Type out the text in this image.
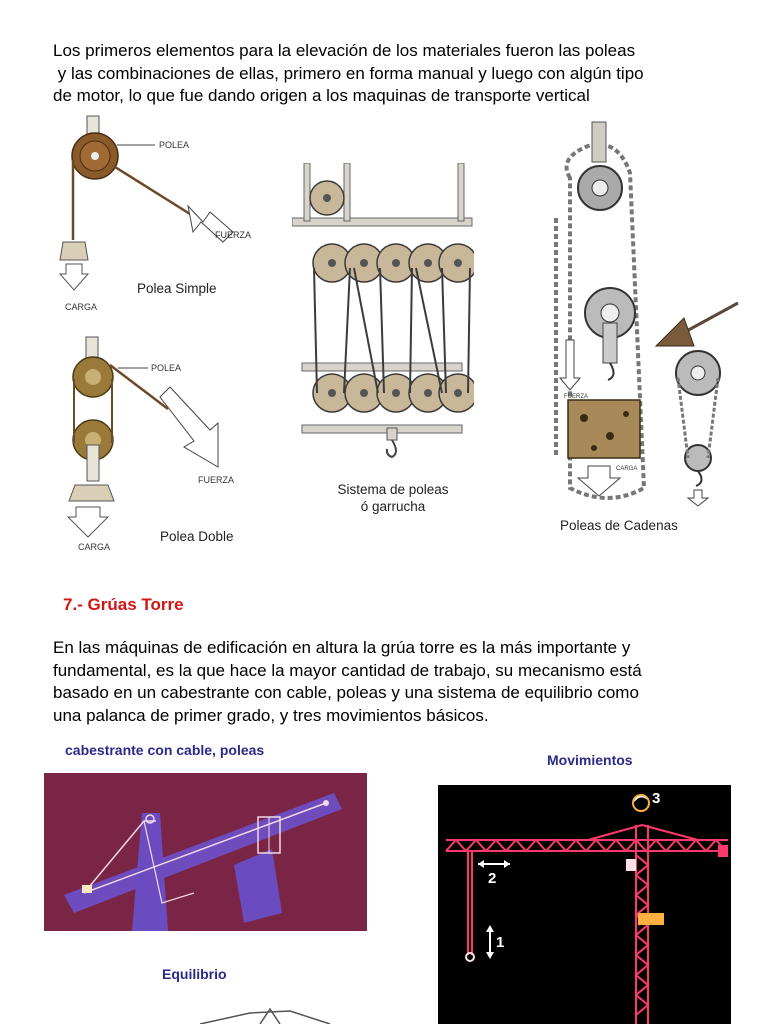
Los primeros elementos para la elevación de los materiales fueron las poleas
y las combinaciones de ellas, primero en forma manual y luego con algún tipo
de motor, lo que fue dando origen a los maquinas de transporte vertical
POLEA
FUERZA
CARGA
Polea Simple
POLEA
FUERZA
CARGA
Polea Doble
Sistema de poleas
ó garrucha
CARGA
FUERZA
Poleas de Cadenas
7.- Grúas Torre
En las máquinas de edificación en altura la grúa torre es la más importante y
fundamental, es la que hace la mayor cantidad de trabajo, su mecanismo está
basado en un cabestrante con cable, poleas y una sistema de equilibrio como
una palanca de primer grado, y tres movimientos básicos.
cabestrante con cable, poleas
Movimientos
3
2
1
Equilibrio
